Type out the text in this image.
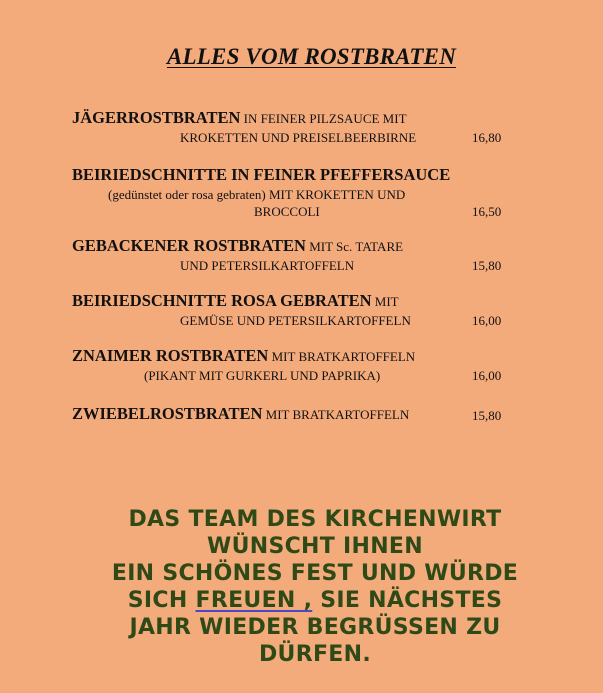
ALLES VOM ROSTBRATEN
JÄGERROSTBRATEN IN FEINER PILZSAUCE MIT
KROKETTEN UND PREISELBEERBIRNE	16,80
BEIRIEDSCHNITTE IN FEINER PFEFFERSAUCE
(gedünstet oder rosa gebraten) MIT KROKETTEN UND
BROCCOLI	16,50
GEBACKENER ROSTBRATEN MIT Sc. TATARE
UND PETERSILKARTOFFELN	15,80
BEIRIEDSCHNITTE ROSA GEBRATEN MIT
GEMÜSE UND PETERSILKARTOFFELN	16,00
ZNAIMER ROSTBRATEN MIT BRATKARTOFFELN
(PIKANT MIT GURKERL UND PAPRIKA)	16,00
ZWIEBELROSTBRATEN MIT BRATKARTOFFELN	15,80
DAS TEAM DES KIRCHENWIRT
WÜNSCHT IHNEN
EIN SCHÖNES FEST UND WÜRDE
SICH FREUEN , SIE NÄCHSTES
JAHR WIEDER BEGRÜSSEN ZU
DÜRFEN.
